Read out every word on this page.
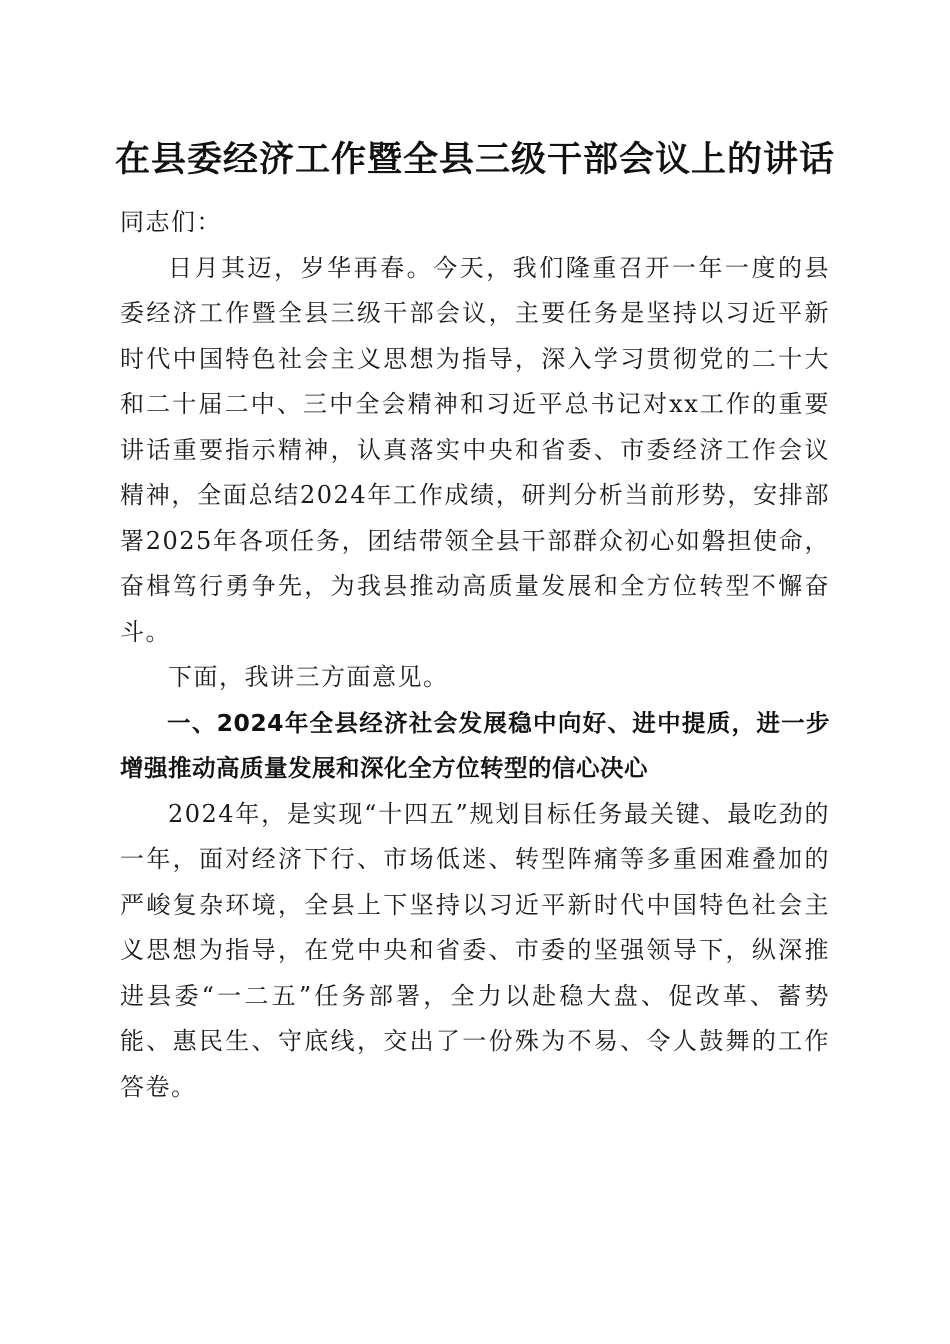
在县委经济工作暨全县三级干部会议上的讲话

同志们：

日月其迈，岁华再春。今天，我们隆重召开一年一度的县委经济工作暨全县三级干部会议，主要任务是坚持以习近平新时代中国特色社会主义思想为指导，深入学习贯彻党的二十大和二十届二中、三中全会精神和习近平总书记对xx工作的重要讲话重要指示精神，认真落实中央和省委、市委经济工作会议精神，全面总结2024年工作成绩，研判分析当前形势，安排部署2025年各项任务，团结带领全县干部群众初心如磐担使命，奋楫笃行勇争先，为我县推动高质量发展和全方位转型不懈奋斗。

下面，我讲三方面意见。

一、2024年全县经济社会发展稳中向好、进中提质，进一步增强推动高质量发展和深化全方位转型的信心决心

2024年，是实现“十四五”规划目标任务最关键、最吃劲的一年，面对经济下行、市场低迷、转型阵痛等多重困难叠加的严峻复杂环境，全县上下坚持以习近平新时代中国特色社会主义思想为指导，在党中央和省委、市委的坚强领导下，纵深推进县委“一二五”任务部署，全力以赴稳大盘、促改革、蓄势能、惠民生、守底线，交出了一份殊为不易、令人鼓舞的工作答卷。
